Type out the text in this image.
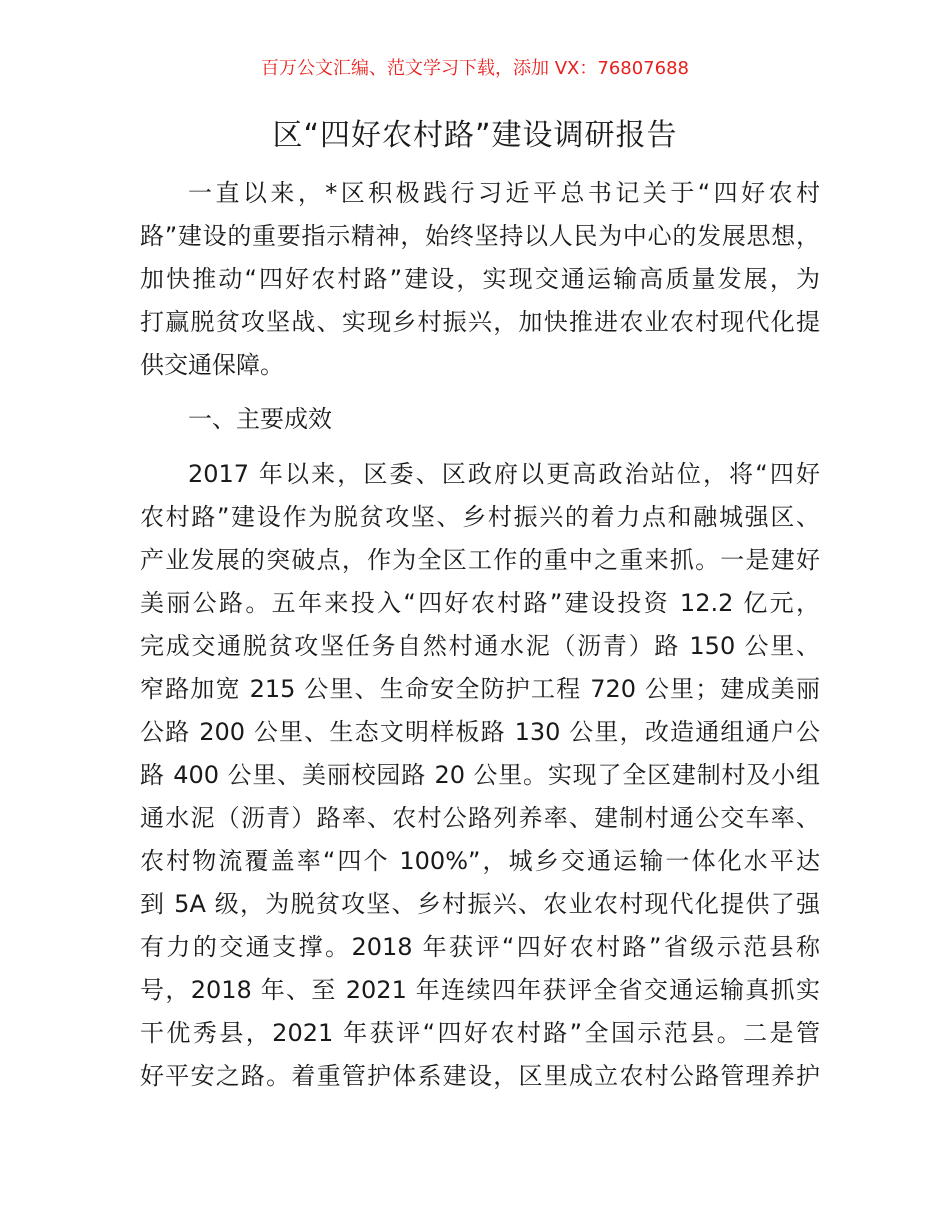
百万公文汇编、范文学习下载，添加 VX：76807688
区“四好农村路”建设调研报告
一直以来，*区积极践行习近平总书记关于“四好农村
路”建设的重要指示精神，始终坚持以人民为中心的发展思想，
加快推动“四好农村路”建设，实现交通运输高质量发展，为
打赢脱贫攻坚战、实现乡村振兴，加快推进农业农村现代化提
供交通保障。
一、主要成效
2017 年以来，区委、区政府以更高政治站位，将“四好
农村路”建设作为脱贫攻坚、乡村振兴的着力点和融城强区、
产业发展的突破点，作为全区工作的重中之重来抓。一是建好
美丽公路。五年来投入“四好农村路”建设投资 12.2 亿元，
完成交通脱贫攻坚任务自然村通水泥（沥青）路 150 公里、
窄路加宽 215 公里、生命安全防护工程 720 公里；建成美丽
公路 200 公里、生态文明样板路 130 公里，改造通组通户公
路 400 公里、美丽校园路 20 公里。实现了全区建制村及小组
通水泥（沥青）路率、农村公路列养率、建制村通公交车率、
农村物流覆盖率“四个 100%”，城乡交通运输一体化水平达
到 5A 级，为脱贫攻坚、乡村振兴、农业农村现代化提供了强
有力的交通支撑。2018 年获评“四好农村路”省级示范县称
号，2018 年、至 2021 年连续四年获评全省交通运输真抓实
干优秀县，2021 年获评“四好农村路”全国示范县。二是管
好平安之路。着重管护体系建设，区里成立农村公路管理养护
